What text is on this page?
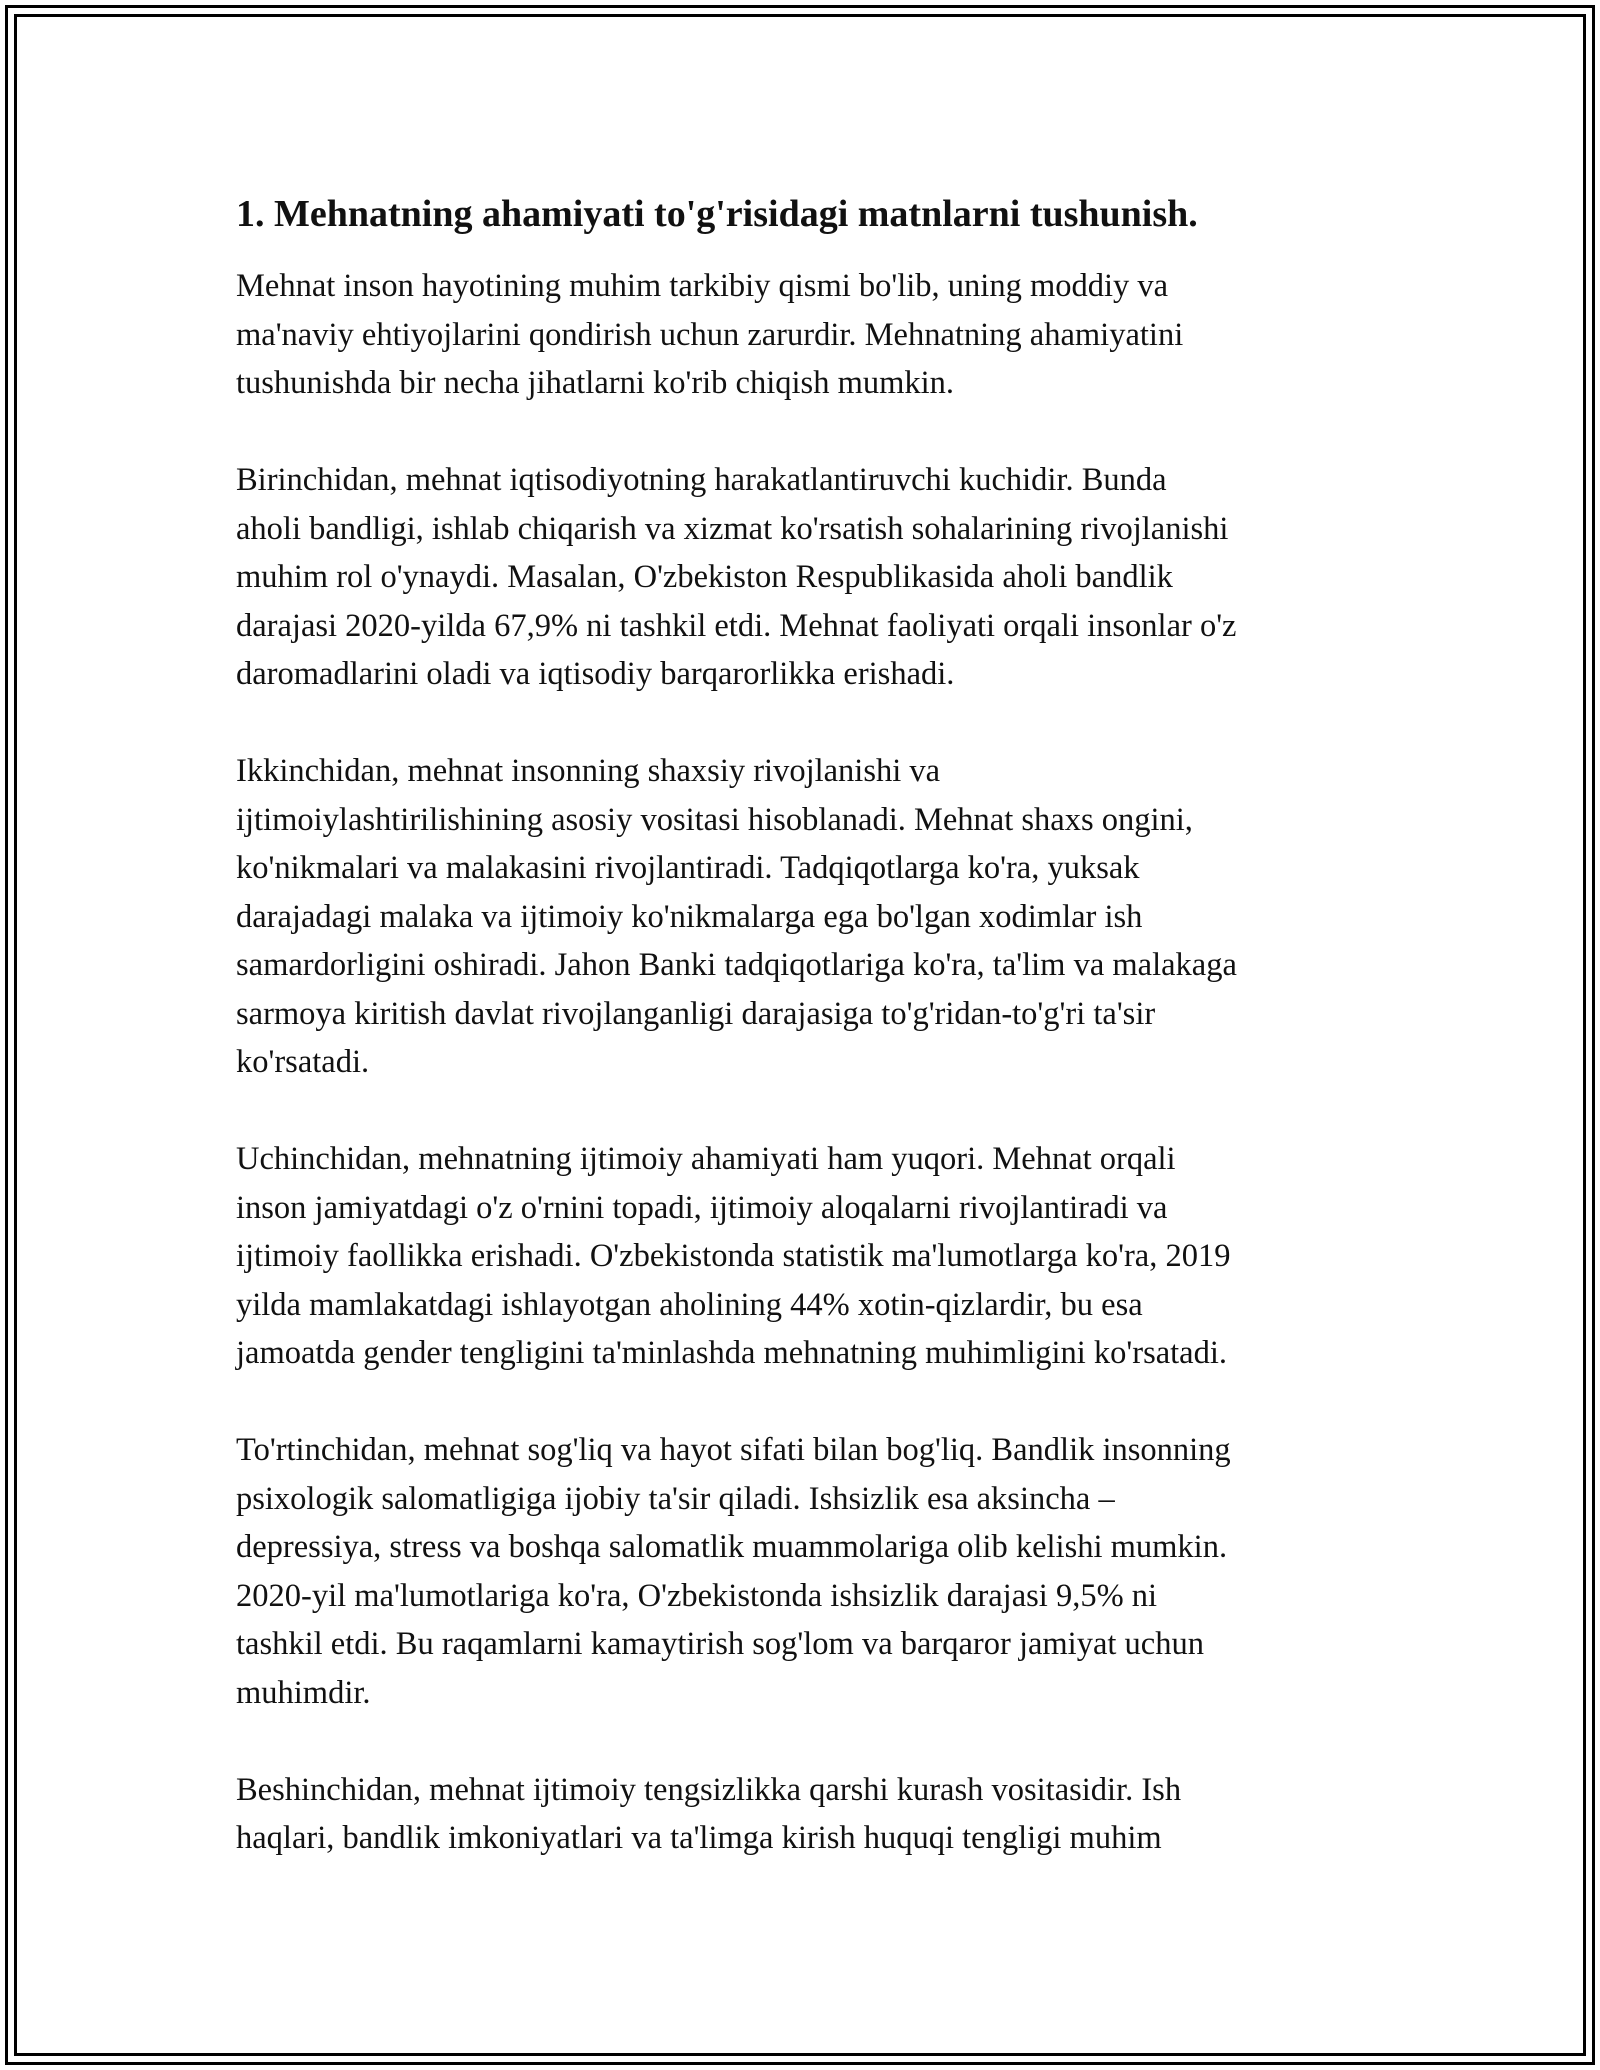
1. Mehnatning ahamiyati to'g'risidagi matnlarni tushunish.

Mehnat inson hayotining muhim tarkibiy qismi bo'lib, uning moddiy va
ma'naviy ehtiyojlarini qondirish uchun zarurdir. Mehnatning ahamiyatini
tushunishda bir necha jihatlarni ko'rib chiqish mumkin.

Birinchidan, mehnat iqtisodiyotning harakatlantiruvchi kuchidir. Bunda
aholi bandligi, ishlab chiqarish va xizmat ko'rsatish sohalarining rivojlanishi
muhim rol o'ynaydi. Masalan, O'zbekiston Respublikasida aholi bandlik
darajasi 2020-yilda 67,9% ni tashkil etdi. Mehnat faoliyati orqali insonlar o'z
daromadlarini oladi va iqtisodiy barqarorlikka erishadi.

Ikkinchidan, mehnat insonning shaxsiy rivojlanishi va
ijtimoiylashtirilishining asosiy vositasi hisoblanadi. Mehnat shaxs ongini,
ko'nikmalari va malakasini rivojlantiradi. Tadqiqotlarga ko'ra, yuksak
darajadagi malaka va ijtimoiy ko'nikmalarga ega bo'lgan xodimlar ish
samardorligini oshiradi. Jahon Banki tadqiqotlariga ko'ra, ta'lim va malakaga
sarmoya kiritish davlat rivojlanganligi darajasiga to'g'ridan-to'g'ri ta'sir
ko'rsatadi.

Uchinchidan, mehnatning ijtimoiy ahamiyati ham yuqori. Mehnat orqali
inson jamiyatdagi o'z o'rnini topadi, ijtimoiy aloqalarni rivojlantiradi va
ijtimoiy faollikka erishadi. O'zbekistonda statistik ma'lumotlarga ko'ra, 2019
yilda mamlakatdagi ishlayotgan aholining 44% xotin-qizlardir, bu esa
jamoatda gender tengligini ta'minlashda mehnatning muhimligini ko'rsatadi.

To'rtinchidan, mehnat sog'liq va hayot sifati bilan bog'liq. Bandlik insonning
psixologik salomatligiga ijobiy ta'sir qiladi. Ishsizlik esa aksincha –
depressiya, stress va boshqa salomatlik muammolariga olib kelishi mumkin.
2020-yil ma'lumotlariga ko'ra, O'zbekistonda ishsizlik darajasi 9,5% ni
tashkil etdi. Bu raqamlarni kamaytirish sog'lom va barqaror jamiyat uchun
muhimdir.

Beshinchidan, mehnat ijtimoiy tengsizlikka qarshi kurash vositasidir. Ish
haqlari, bandlik imkoniyatlari va ta'limga kirish huquqi tengligi muhim
